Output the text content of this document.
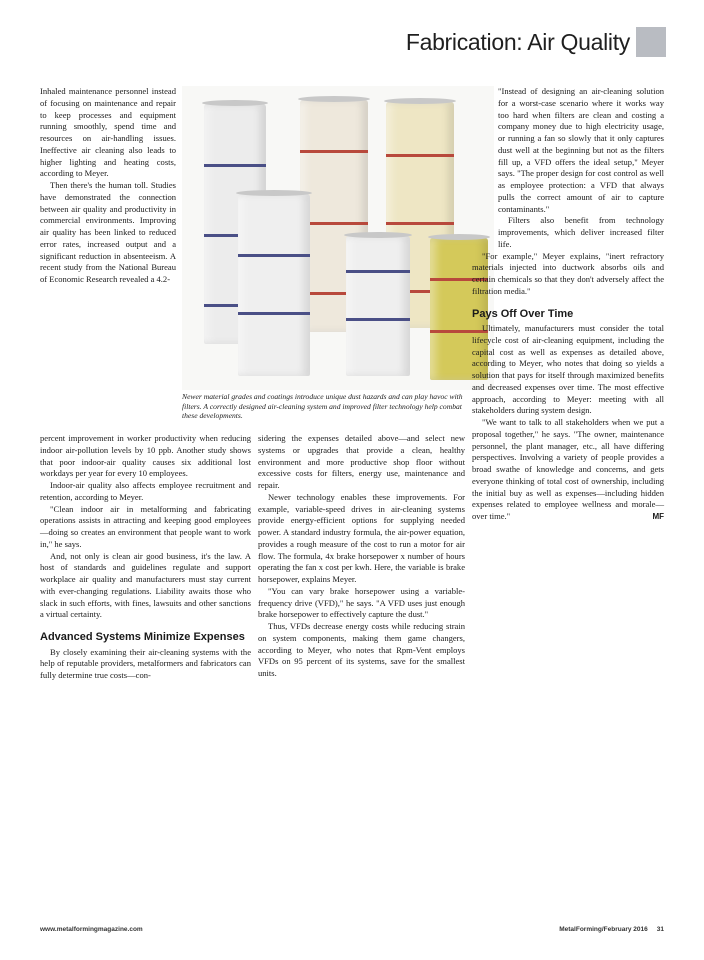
Fabrication: Air Quality

Inhaled maintenance personnel instead of focusing on maintenance and repair to keep processes and equipment running smoothly, spend time and resources on air-handling issues. Ineffective air cleaning also leads to higher lighting and heating costs, according to Meyer.

Then there's the human toll. Studies have demonstrated the connection between air quality and productivity in commercial environments. Improving air quality has been linked to reduced error rates, increased output and a significant reduction in absenteeism. A recent study from the National Bureau of Economic Research revealed a 4.2-

percent improvement in worker productivity when reducing indoor air-pollution levels by 10 ppb. Another study shows that poor indoor-air quality causes six additional lost workdays per year for every 10 employees.

Indoor-air quality also affects employee recruitment and retention, according to Meyer.

"Clean indoor air in metalforming and fabricating operations assists in attracting and keeping good employees—doing so creates an environment that people want to work in," he says.

And, not only is clean air good business, it's the law. A host of standards and guidelines regulate and support workplace air quality and manufacturers must stay current with ever-changing regulations. Liability awaits those who slack in such efforts, with fines, lawsuits and other sanctions a virtual certainty.

Advanced Systems Minimize Expenses

By closely examining their air-cleaning systems with the help of reputable providers, metalformers and fabricators can fully determine true costs—con-

Newer material grades and coatings introduce unique dust hazards and can play havoc with filters. A correctly designed air-cleaning system and improved filter technology help combat these developments.

sidering the expenses detailed above—and select new systems or upgrades that provide a clean, healthy environment and more productive shop floor without excessive costs for filters, energy use, maintenance and repair.

Newer technology enables these improvements. For example, variable-speed drives in air-cleaning systems provide energy-efficient options for supplying needed power. A standard industry formula, the air-power equation, provides a rough measure of the cost to run a motor for air flow. The formula, 4x brake horsepower x number of hours operating the fan x cost per kwh. Here, the variable is brake horsepower, explains Meyer.

"You can vary brake horsepower using a variable-frequency drive (VFD)," he says. "A VFD uses just enough brake horsepower to effectively capture the dust."

Thus, VFDs decrease energy costs while reducing strain on system components, making them game changers, according to Meyer, who notes that Rpm-Vent employs VFDs on 95 percent of its systems, save for the smallest units.

"Instead of designing an air-cleaning solution for a worst-case scenario where it works way too hard when filters are clean and costing a company money due to high electricity usage, or running a fan so slowly that it only captures dust well at the beginning but not as the filters fill up, a VFD offers the ideal setup," Meyer says. "The proper design for cost control as well as employee protection: a VFD that always pulls the correct amount of air to capture contaminants."

Filters also benefit from technology improvements, which deliver increased filter life.

"For example," Meyer explains, "inert refractory materials injected into ductwork absorbs oils and certain chemicals so that they don't adversely affect the filtration media."

Pays Off Over Time

Ultimately, manufacturers must consider the total lifecycle cost of air-cleaning equipment, including the capital cost as well as expenses as detailed above, according to Meyer, who notes that doing so yields a solution that pays for itself through maximized benefits and decreased expenses over time. The most effective approach, according to Meyer: meeting with all stakeholders during system design.

"We want to talk to all stakeholders when we put a proposal together," he says. "The owner, maintenance personnel, the plant manager, etc., all have differing perspectives. Involving a variety of people provides a broad swathe of knowledge and concerns, and gets everyone thinking of total cost of ownership, including the initial buy as well as expenses—including hidden expenses related to employee wellness and morale—over time."	MF

www.metalformingmagazine.com	MetalForming/February 2016     31
